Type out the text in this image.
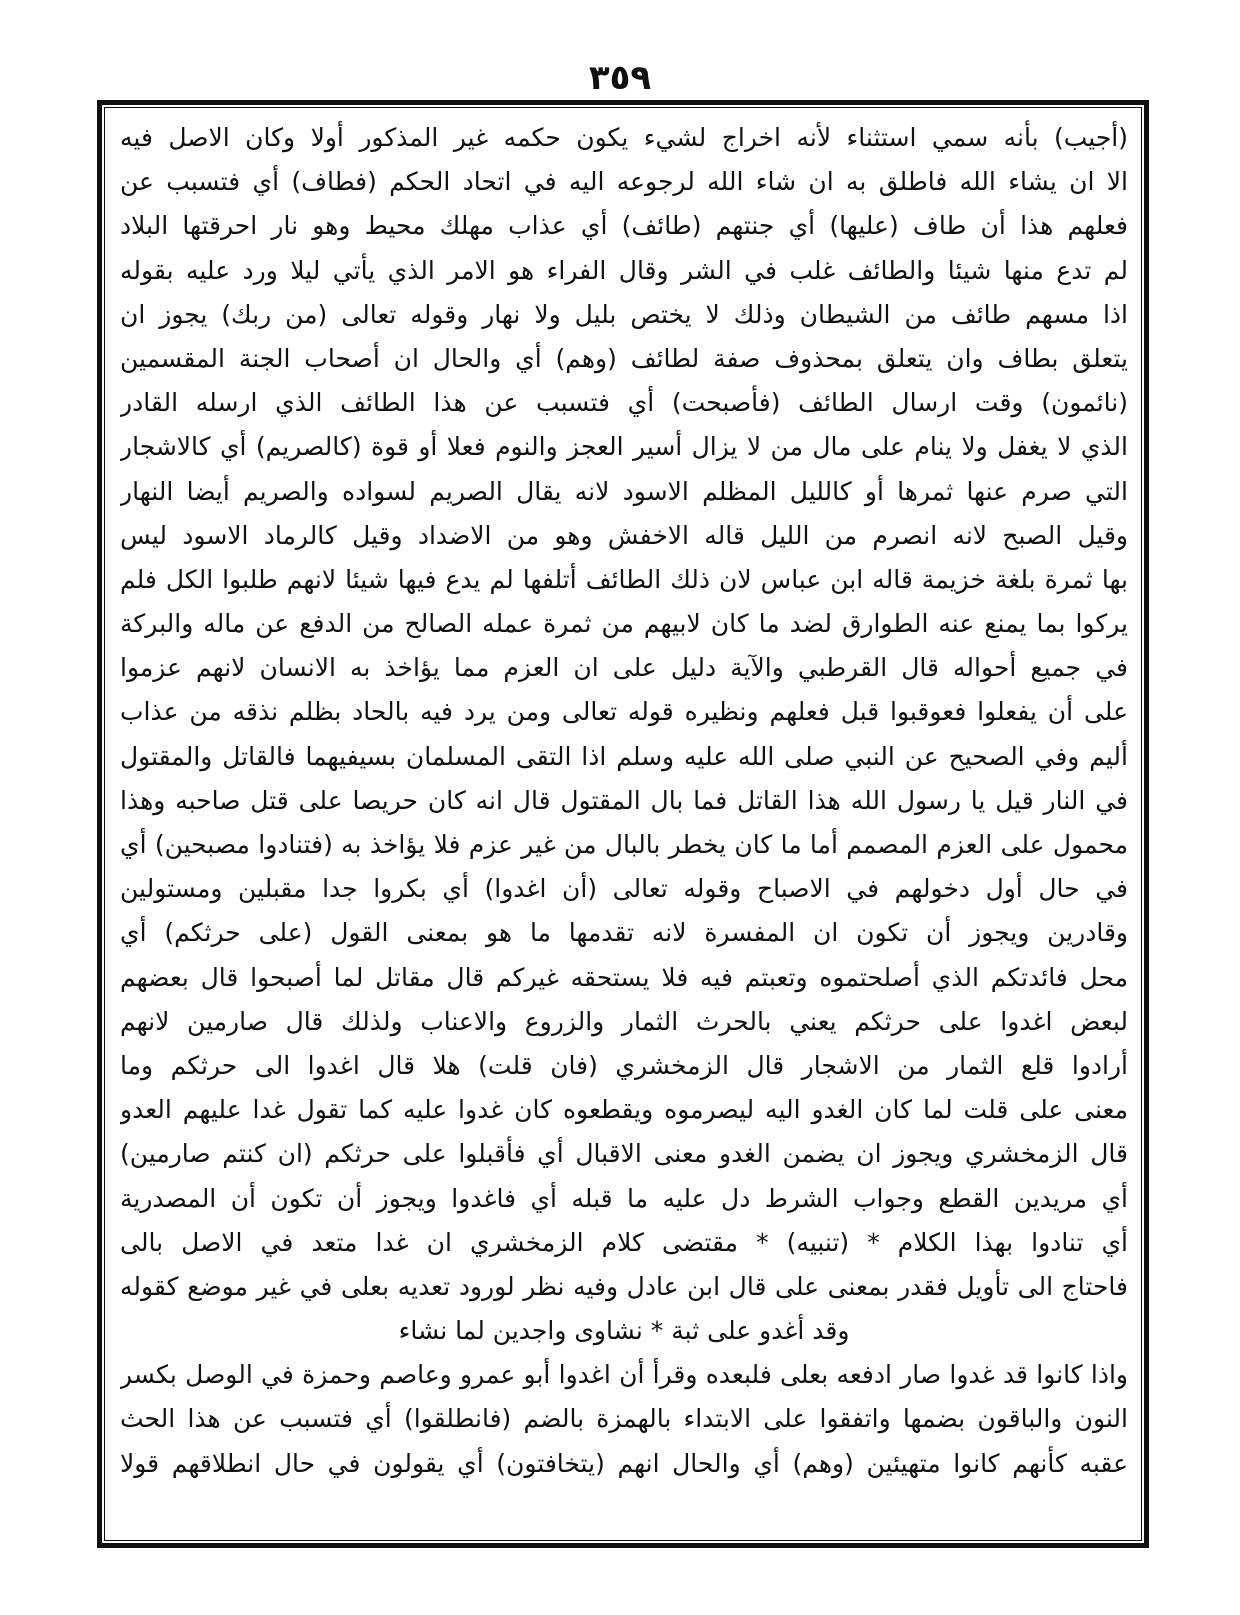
٣٥٩
(أجيب) بأنه سمي استثناء لأنه اخراج لشيء يكون حكمه غير المذكور أولا وكان الاصل فيه
الا ان يشاء الله فاطلق به ان شاء الله لرجوعه اليه في اتحاد الحكم (فطاف) أي فتسبب عن
فعلهم هذا أن طاف (عليها) أي جنتهم (طائف) أي عذاب مهلك محيط وهو نار احرقتها البلاد
لم تدع منها شيئا والطائف غلب في الشر وقال الفراء هو الامر الذي يأتي ليلا ورد عليه بقوله
اذا مسهم طائف من الشيطان وذلك لا يختص بليل ولا نهار وقوله تعالى (من ربك) يجوز ان
يتعلق بطاف وان يتعلق بمحذوف صفة لطائف (وهم) أي والحال ان أصحاب الجنة المقسمين
(نائمون) وقت ارسال الطائف (فأصبحت) أي فتسبب عن هذا الطائف الذي ارسله القادر
الذي لا يغفل ولا ينام على مال من لا يزال أسير العجز والنوم فعلا أو قوة (كالصريم) أي كالاشجار
التي صرم عنها ثمرها أو كالليل المظلم الاسود لانه يقال الصريم لسواده والصريم أيضا النهار
وقيل الصبح لانه انصرم من الليل قاله الاخفش وهو من الاضداد وقيل كالرماد الاسود ليس
بها ثمرة بلغة خزيمة قاله ابن عباس لان ذلك الطائف أتلفها لم يدع فيها شيئا لانهم طلبوا الكل فلم
يركوا بما يمنع عنه الطوارق لضد ما كان لابيهم من ثمرة عمله الصالح من الدفع عن ماله والبركة
في جميع أحواله قال القرطبي والآية دليل على ان العزم مما يؤاخذ به الانسان لانهم عزموا
على أن يفعلوا فعوقبوا قبل فعلهم ونظيره قوله تعالى ومن يرد فيه بالحاد بظلم نذقه من عذاب
أليم وفي الصحيح عن النبي صلى الله عليه وسلم اذا التقى المسلمان بسيفيهما فالقاتل والمقتول
في النار قيل يا رسول الله هذا القاتل فما بال المقتول قال انه كان حريصا على قتل صاحبه وهذا
محمول على العزم المصمم أما ما كان يخطر بالبال من غير عزم فلا يؤاخذ به (فتنادوا مصبحين) أي
في حال أول دخولهم في الاصباح وقوله تعالى (أن اغدوا) أي بكروا جدا مقبلين ومستولين
وقادرين ويجوز أن تكون ان المفسرة لانه تقدمها ما هو بمعنى القول (على حرثكم) أي
محل فائدتكم الذي أصلحتموه وتعبتم فيه فلا يستحقه غيركم قال مقاتل لما أصبحوا قال بعضهم
لبعض اغدوا على حرثكم يعني بالحرث الثمار والزروع والاعناب ولذلك قال صارمين لانهم
أرادوا قلع الثمار من الاشجار قال الزمخشري (فان قلت) هلا قال اغدوا الى حرثكم وما
معنى على قلت لما كان الغدو اليه ليصرموه ويقطعوه كان غدوا عليه كما تقول غدا عليهم العدو
قال الزمخشري ويجوز ان يضمن الغدو معنى الاقبال أي فأقبلوا على حرثكم (ان كنتم صارمين)
أي مريدين القطع وجواب الشرط دل عليه ما قبله أي فاغدوا ويجوز أن تكون أن المصدرية
أي تنادوا بهذا الكلام * (تنبيه) * مقتضى كلام الزمخشري ان غدا متعد في الاصل بالى
فاحتاج الى تأويل فقدر بمعنى على قال ابن عادل وفيه نظر لورود تعديه بعلى في غير موضع كقوله
وقد أغدو على ثبة * نشاوى واجدين لما نشاء
واذا كانوا قد غدوا صار ادفعه بعلى فلبعده وقرأ أن اغدوا أبو عمرو وعاصم وحمزة في الوصل بكسر
النون والباقون بضمها واتفقوا على الابتداء بالهمزة بالضم (فانطلقوا) أي فتسبب عن هذا الحث
عقبه كأنهم كانوا متهيئين (وهم) أي والحال انهم (يتخافتون) أي يقولون في حال انطلاقهم قولا
